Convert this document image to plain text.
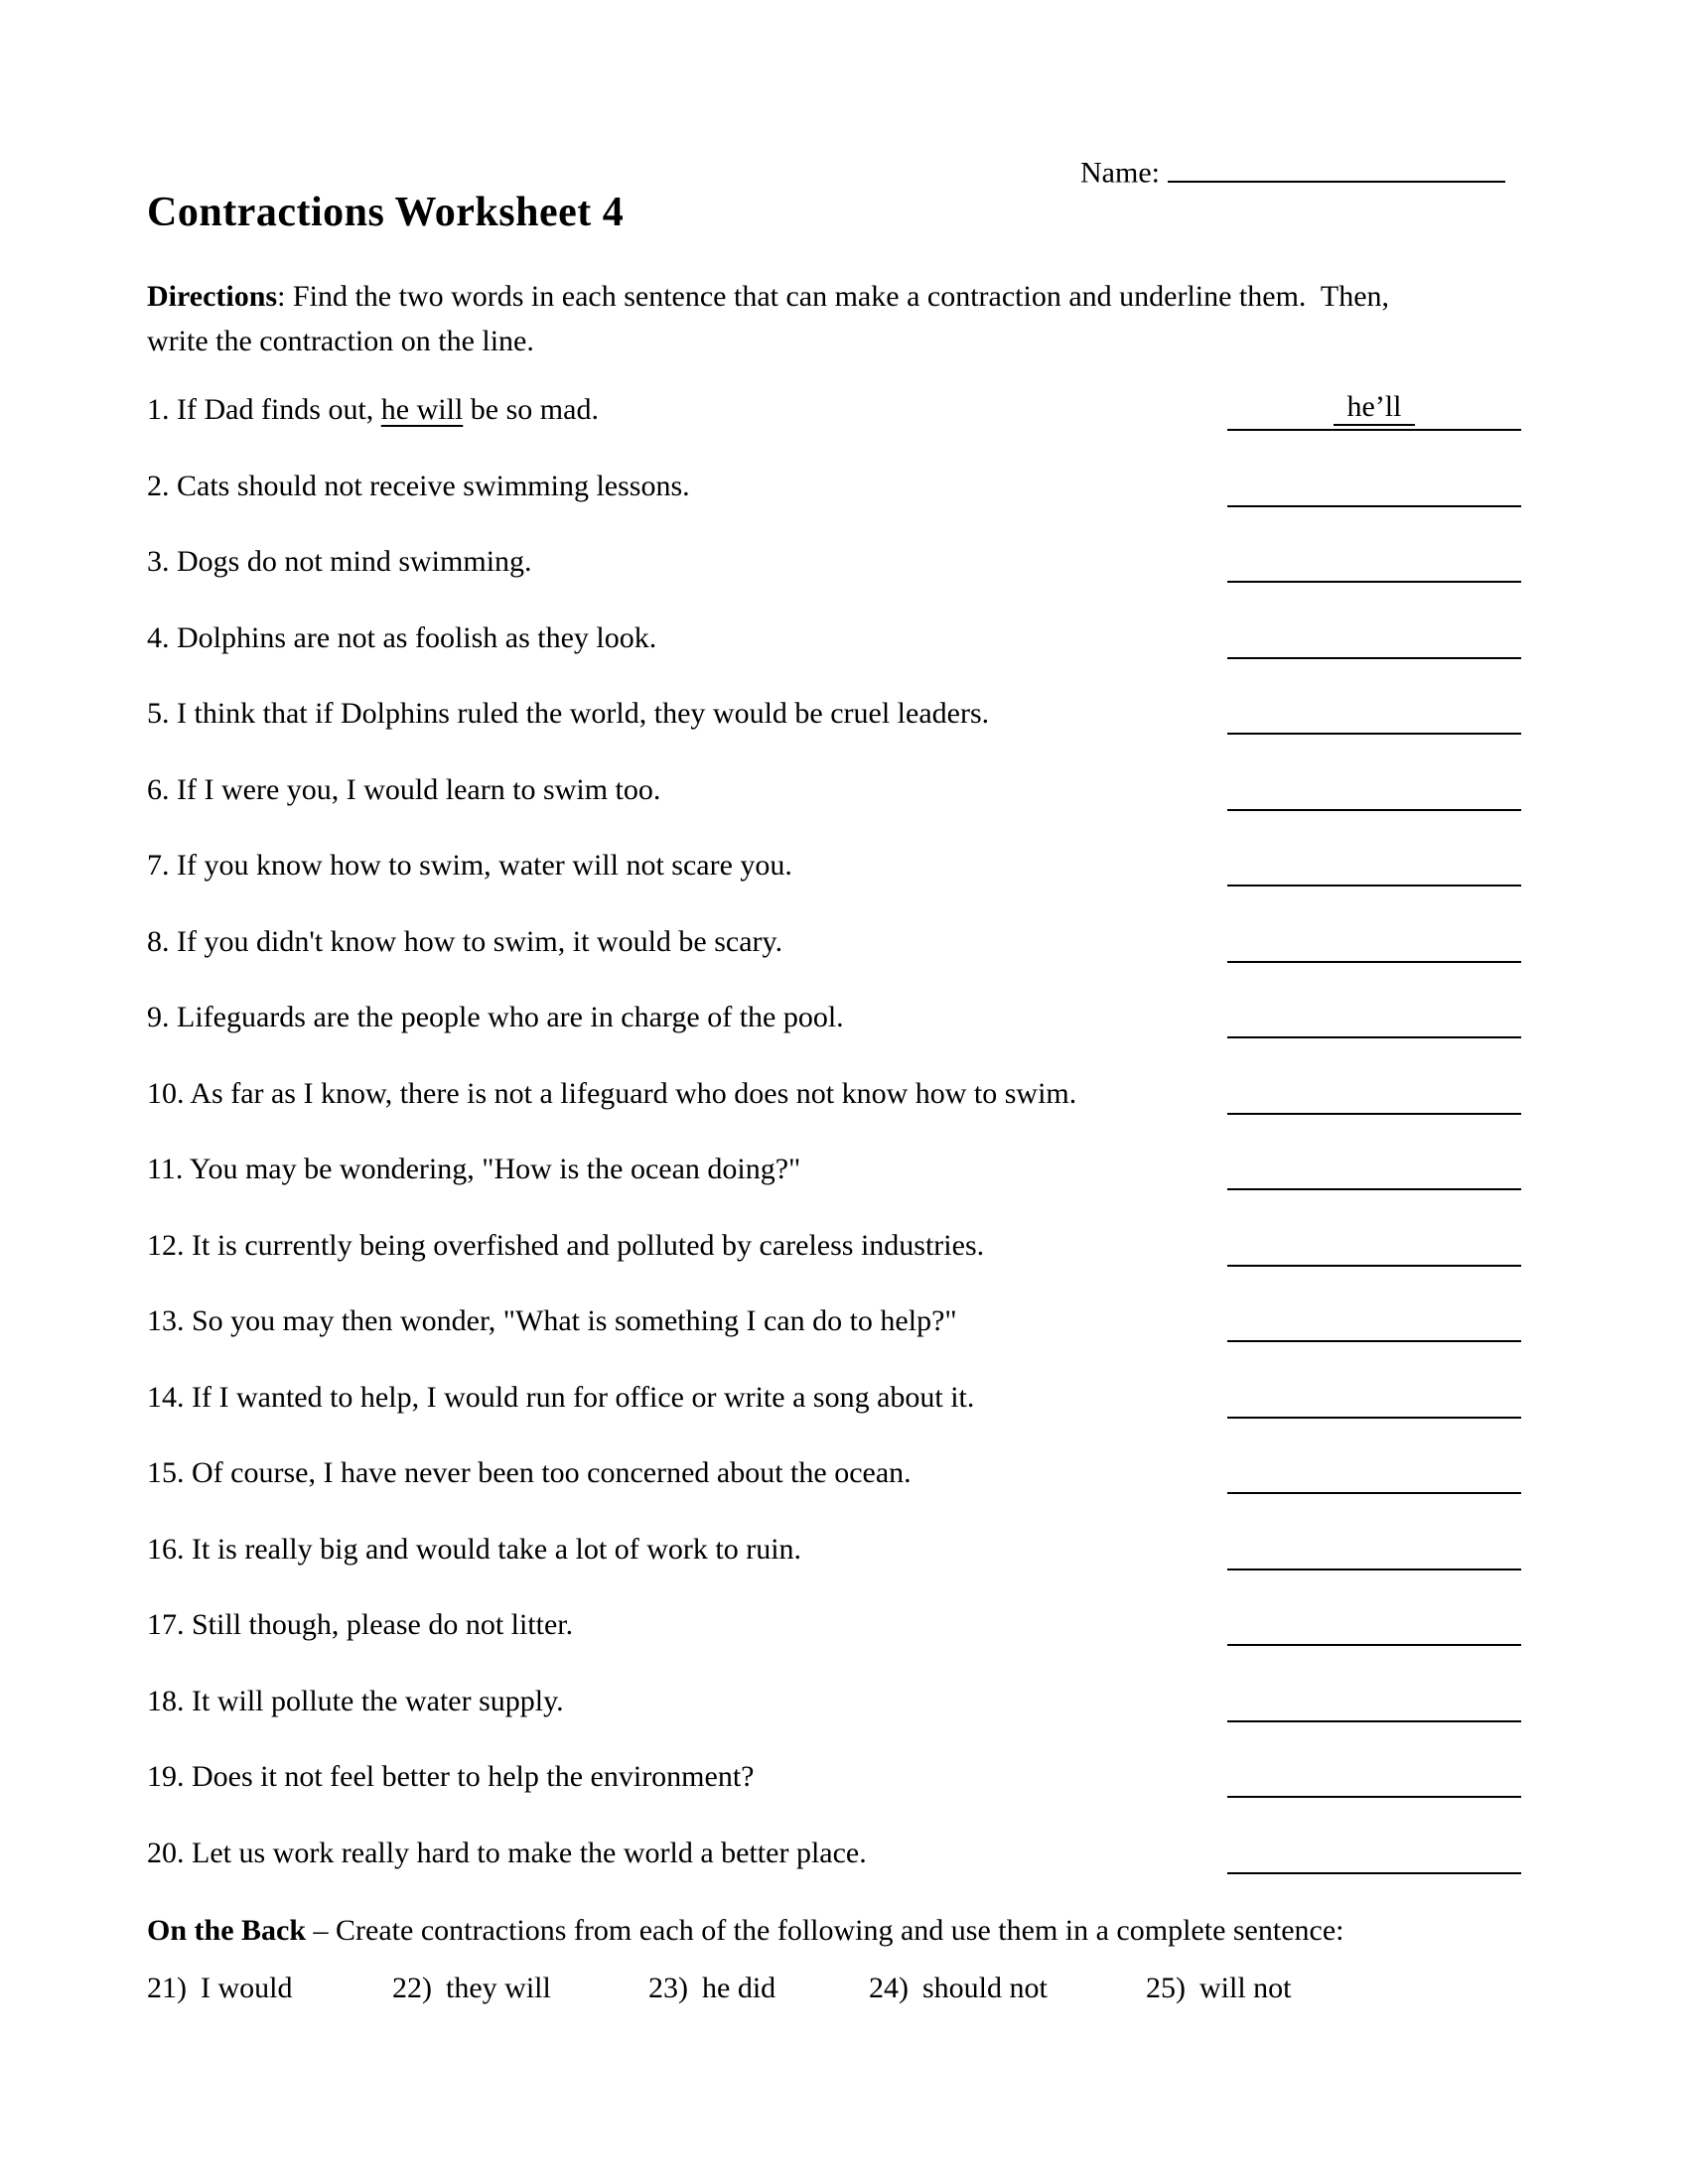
Name:
Contractions Worksheet 4
Directions: Find the two words in each sentence that can make a contraction and underline them.  Then,
write the contraction on the line.
1. If Dad finds out, he will be so mad.	he’ll
2. Cats should not receive swimming lessons.
3. Dogs do not mind swimming.
4. Dolphins are not as foolish as they look.
5. I think that if Dolphins ruled the world, they would be cruel leaders.
6. If I were you, I would learn to swim too.
7. If you know how to swim, water will not scare you.
8. If you didn't know how to swim, it would be scary.
9. Lifeguards are the people who are in charge of the pool.
10. As far as I know, there is not a lifeguard who does not know how to swim.
11. You may be wondering, "How is the ocean doing?"
12. It is currently being overfished and polluted by careless industries.
13. So you may then wonder, "What is something I can do to help?"
14. If I wanted to help, I would run for office or write a song about it.
15. Of course, I have never been too concerned about the ocean.
16. It is really big and would take a lot of work to ruin.
17. Still though, please do not litter.
18. It will pollute the water supply.
19. Does it not feel better to help the environment?
20. Let us work really hard to make the world a better place.
On the Back – Create contractions from each of the following and use them in a complete sentence:
21) I would	22) they will	23) he did	24) should not	25) will not
